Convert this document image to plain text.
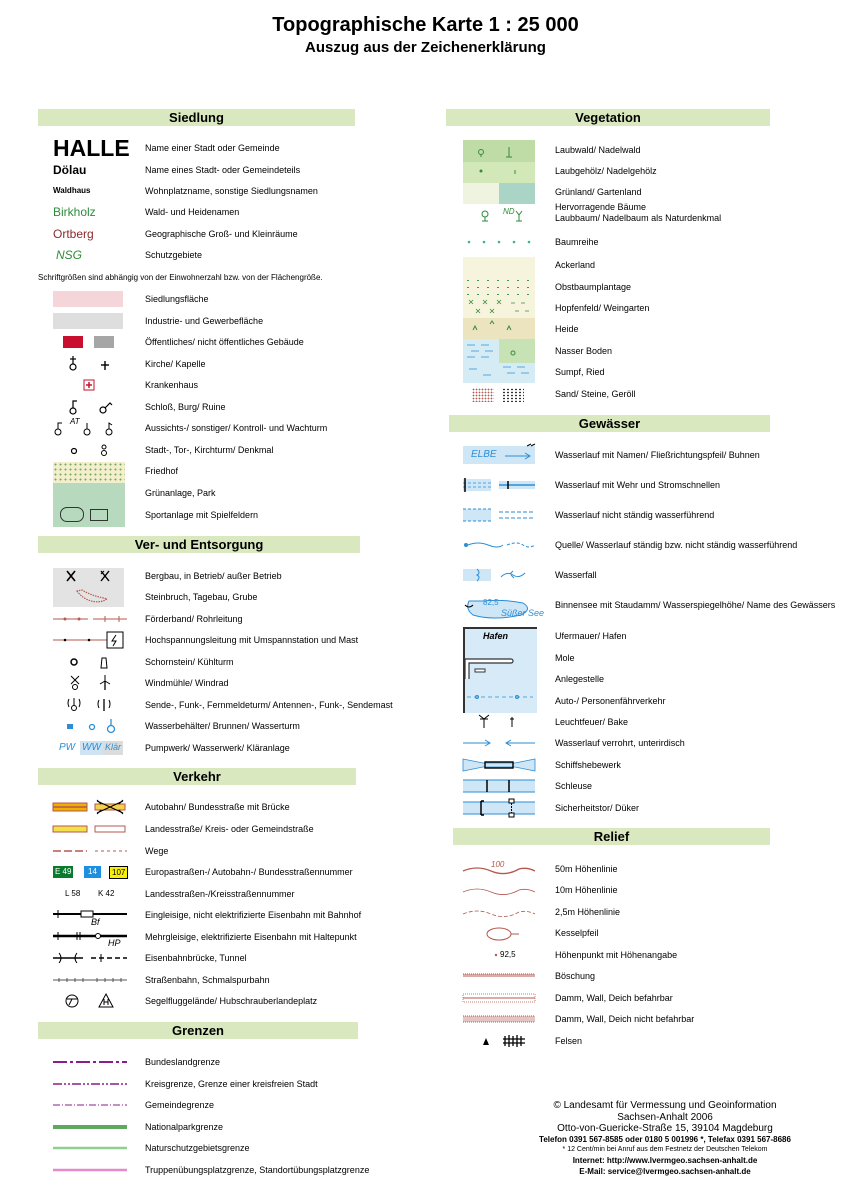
Topographische Karte 1 : 25 000
Auszug aus der Zeichenerklärung
Siedlung
HALLE Name einer Stadt oder Gemeinde
Dölau	Name eines Stadt- oder Gemeindeteils
Waldhaus	Wohnplatzname, sonstige Siedlungsnamen
Birkholz	Wald- und Heidenamen
Ortberg	Geographische Groß- und Kleinräume
NSG	Schutzgebiete
Schriftgrößen sind abhängig von der Einwohnerzahl bzw. von der Flächengröße.
Siedlungsfläche
Industrie- und Gewerbefläche
Öffentliches/ nicht öffentliches Gebäude
Kirche/ Kapelle
Krankenhaus
Schloß, Burg/ Ruine
AT
Aussichts-/ sonstiger/ Kontroll- und Wachturm
Stadt-, Tor-, Kirchturm/ Denkmal
Friedhof
Grünanlage, Park
Sportanlage mit Spielfeldern
Ver- und Entsorgung
Bergbau, in Betrieb/ außer Betrieb
Steinbruch, Tagebau, Grube
Förderband/ Rohrleitung
Hochspannungsleitung mit Umspannstation und Mast
Schornstein/ Kühlturm
Windmühle/ Windrad
Sende-, Funk-, Fernmeldeturm/ Antennen-, Funk-, Sendemast
Wasserbehälter/ Brunnen/ Wasserturm
PW WW Klär	Pumpwerk/ Wasserwerk/ Kläranlage
Verkehr
Autobahn/ Bundesstraße mit Brücke
Landesstraße/ Kreis- oder Gemeindstraße
Wege
E 49	14	107	Europastraßen-/ Autobahn-/ Bundesstraßennummer
L 58 K 42	Landesstraßen-/Kreisstraßennummer
Bf
Eingleisige, nicht elektrifizierte Eisenbahn mit Bahnhof
HP
Mehrgleisige, elektrifizierte Eisenbahn mit Haltepunkt
Eisenbahnbrücke, Tunnel
Straßenbahn, Schmalspurbahn
Segelfluggelände/ Hubschrauberlandeplatz
Grenzen
Bundeslandgrenze
Kreisgrenze, Grenze einer kreisfreien Stadt
Gemeindegrenze
Nationalparkgrenze
Naturschutzgebietsgrenze
Truppenübungsplatzgrenze, Standortübungsplatzgrenze
Vegetation
Laubwald/ Nadelwald
Laubgehölz/ Nadelgehölz
Grünland/ Gartenland
ND	Hervorragende Bäume
Laubbaum/ Nadelbaum als Naturdenkmal
Baumreihe
Ackerland
Obstbaumplantage
Hopfenfeld/ Weingarten
Heide
Nasser Boden
Sumpf, Ried
Sand/ Steine, Geröll
Gewässer
ELBE	Wasserlauf mit Namen/ Fließrichtungspfeil/ Buhnen
Wasserlauf mit Wehr und Stromschnellen
Wasserlauf nicht ständig wasserführend
Quelle/ Wasserlauf ständig bzw. nicht ständig wasserführend
Wasserfall
82,5
Süßer See
Binnensee mit Staudamm/ Wasserspiegelhöhe/ Name des Gewässers
Hafen	Ufermauer/ Hafen
Mole
Anlegestelle
Auto-/ Personenfährverkehr
Leuchtfeuer/ Bake
Wasserlauf verrohrt, unterirdisch
Schiffshebewerk
Schleuse
Sicherheitstor/ Düker
Relief
100	50m Höhenlinie
10m Höhenlinie
2,5m Höhenlinie
Kesselpfeil
92,5	Höhenpunkt mit Höhenangabe
Böschung
Damm, Wall, Deich befahrbar
Damm, Wall, Deich nicht befahrbar
Felsen
© Landesamt für Vermessung und Geoinformation
Sachsen-Anhalt 2006
Otto-von-Guericke-Straße 15, 39104 Magdeburg
Telefon 0391 567-8585 oder 0180 5 001996 *, Telefax 0391 567-8686
* 12 Cent/min bei Anruf aus dem Festnetz der Deutschen Telekom
Internet: http://www.lvermgeo.sachsen-anhalt.de
E-Mail: service@lvermgeo.sachsen-anhalt.de
